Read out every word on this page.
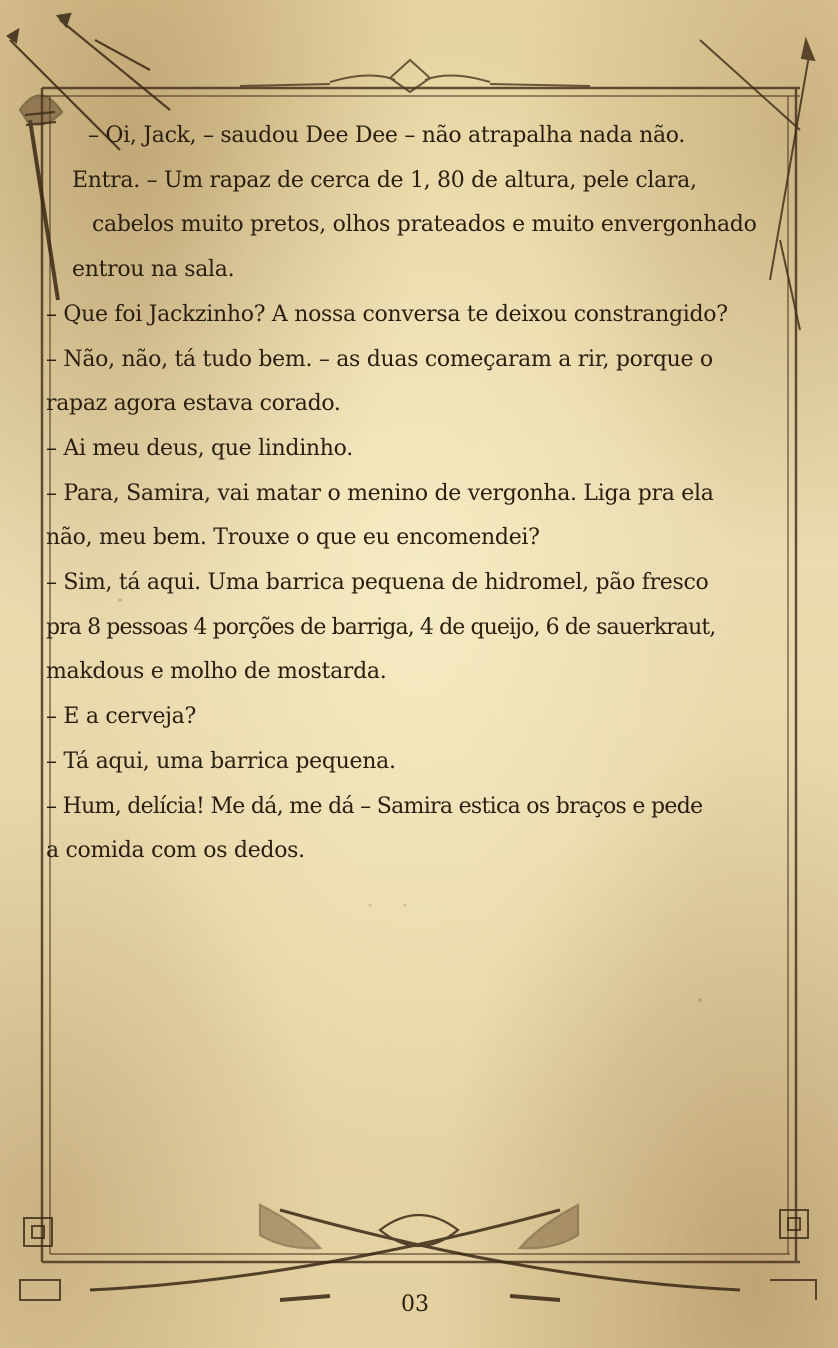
– Oi, Jack, – saudou Dee Dee – não atrapalha nada não.
Entra. – Um rapaz de cerca de 1, 80 de altura, pele clara,
cabelos muito pretos, olhos prateados e muito envergonhado
entrou na sala.
– Que foi Jackzinho? A nossa conversa te deixou constrangido?
– Não, não, tá tudo bem. – as duas começaram a rir, porque o
rapaz agora estava corado.
– Ai meu deus, que lindinho.
– Para, Samira, vai matar o menino de vergonha. Liga pra ela
não, meu bem. Trouxe o que eu encomendei?
– Sim, tá aqui. Uma barrica pequena de hidromel, pão fresco
pra 8 pessoas 4 porções de barriga, 4 de queijo, 6 de sauerkraut,
makdous e molho de mostarda.
– E a cerveja?
– Tá aqui, uma barrica pequena.
– Hum, delícia! Me dá, me dá – Samira estica os braços e pede
a comida com os dedos.
03
